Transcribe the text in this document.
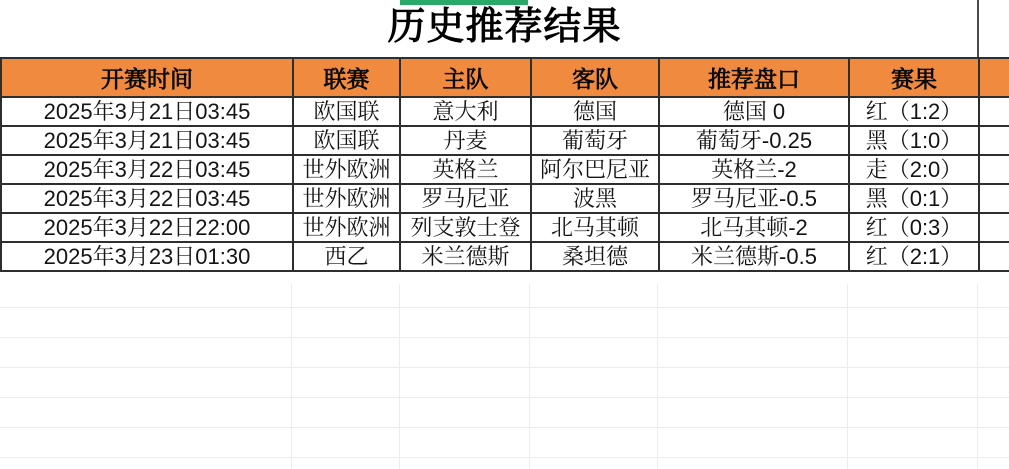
历史推荐结果
开赛时间	联赛	主队	客队	推荐盘口	赛果	
2025年3月21日03:45	欧国联	意大利	德国	德国 0	红（1:2）	
2025年3月21日03:45	欧国联	丹麦	葡萄牙	葡萄牙-0.25	黑（1:0）	
2025年3月22日03:45	世外欧洲	英格兰	阿尔巴尼亚	英格兰-2	走（2:0）	
2025年3月22日03:45	世外欧洲	罗马尼亚	波黑	罗马尼亚-0.5	黑（0:1）	
2025年3月22日22:00	世外欧洲	列支敦士登	北马其顿	北马其顿-2	红（0:3）	
2025年3月23日01:30	西乙	米兰德斯	桑坦德	米兰德斯-0.5	红（2:1）	
